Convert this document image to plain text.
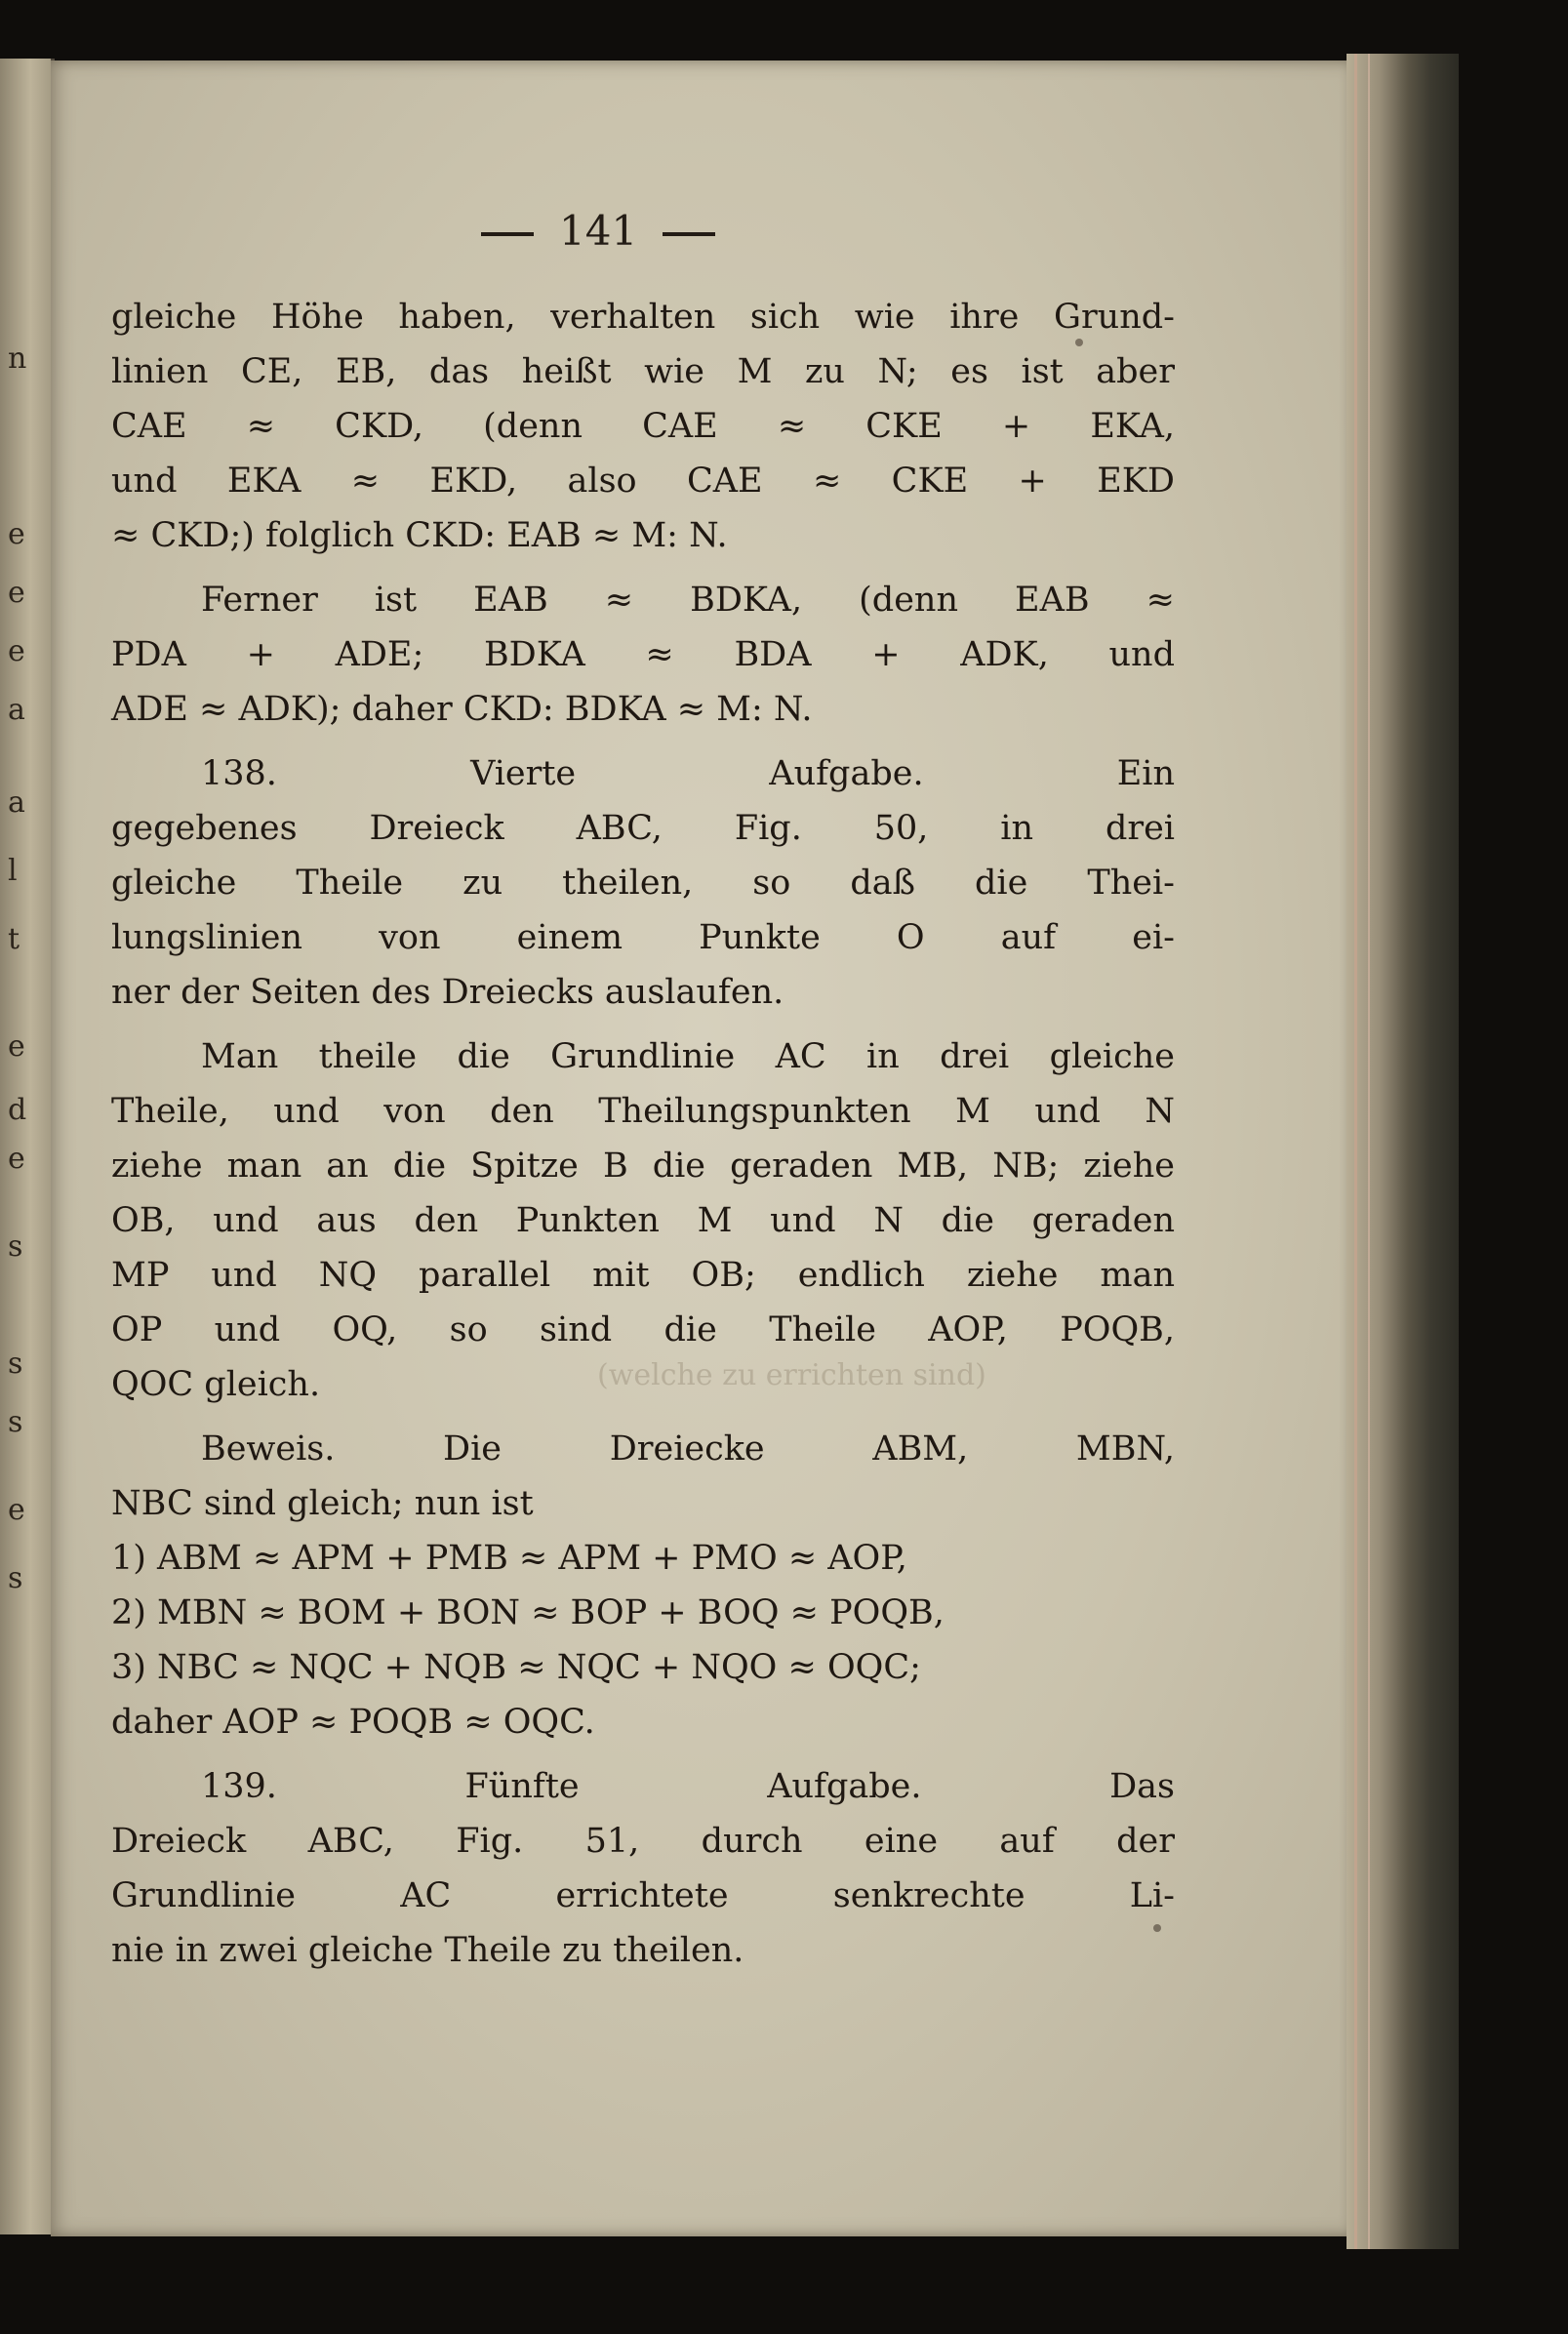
n
e
e
e
a
a
l
t
e
d
e
s
s
s
e
s
141
gleiche Höhe haben, verhalten sich wie ihre Grund-
linien CE, EB, das heißt wie M zu N; es ist aber
CAE ≈ CKD, (denn CAE ≈ CKE + EKA,
und EKA ≈ EKD, also CAE ≈ CKE + EKD
≈ CKD;) folglich CKD: EAB ≈ M: N.
Ferner ist EAB ≈ BDKA, (denn EAB ≈
PDA + ADE; BDKA ≈ BDA + ADK, und
ADE ≈ ADK); daher CKD: BDKA ≈ M: N.
138. Vierte Aufgabe. Ein
gegebenes Dreieck ABC, Fig. 50, in drei
gleiche Theile zu theilen, so daß die Thei-
lungslinien von einem Punkte O auf ei-
ner der Seiten des Dreiecks auslaufen.
Man theile die Grundlinie AC in drei gleiche
Theile, und von den Theilungspunkten M und N
ziehe man an die Spitze B die geraden MB, NB; ziehe
OB, und aus den Punkten M und N die geraden
MP und NQ parallel mit OB; endlich ziehe man
OP und OQ, so sind die Theile AOP, POQB,
QOC gleich.
Beweis. Die Dreiecke ABM, MBN,
NBC sind gleich; nun ist
1) ABM ≈ APM + PMB ≈ APM + PMO ≈ AOP,
2) MBN ≈ BOM + BON ≈ BOP + BOQ ≈ POQB,
3) NBC ≈ NQC + NQB ≈ NQC + NQO ≈ OQC;
daher AOP ≈ POQB ≈ OQC.
139. Fünfte Aufgabe. Das
Dreieck ABC, Fig. 51, durch eine auf der
Grundlinie AC errichtete senkrechte Li-
nie in zwei gleiche Theile zu theilen.
(welche zu errichten sind)
